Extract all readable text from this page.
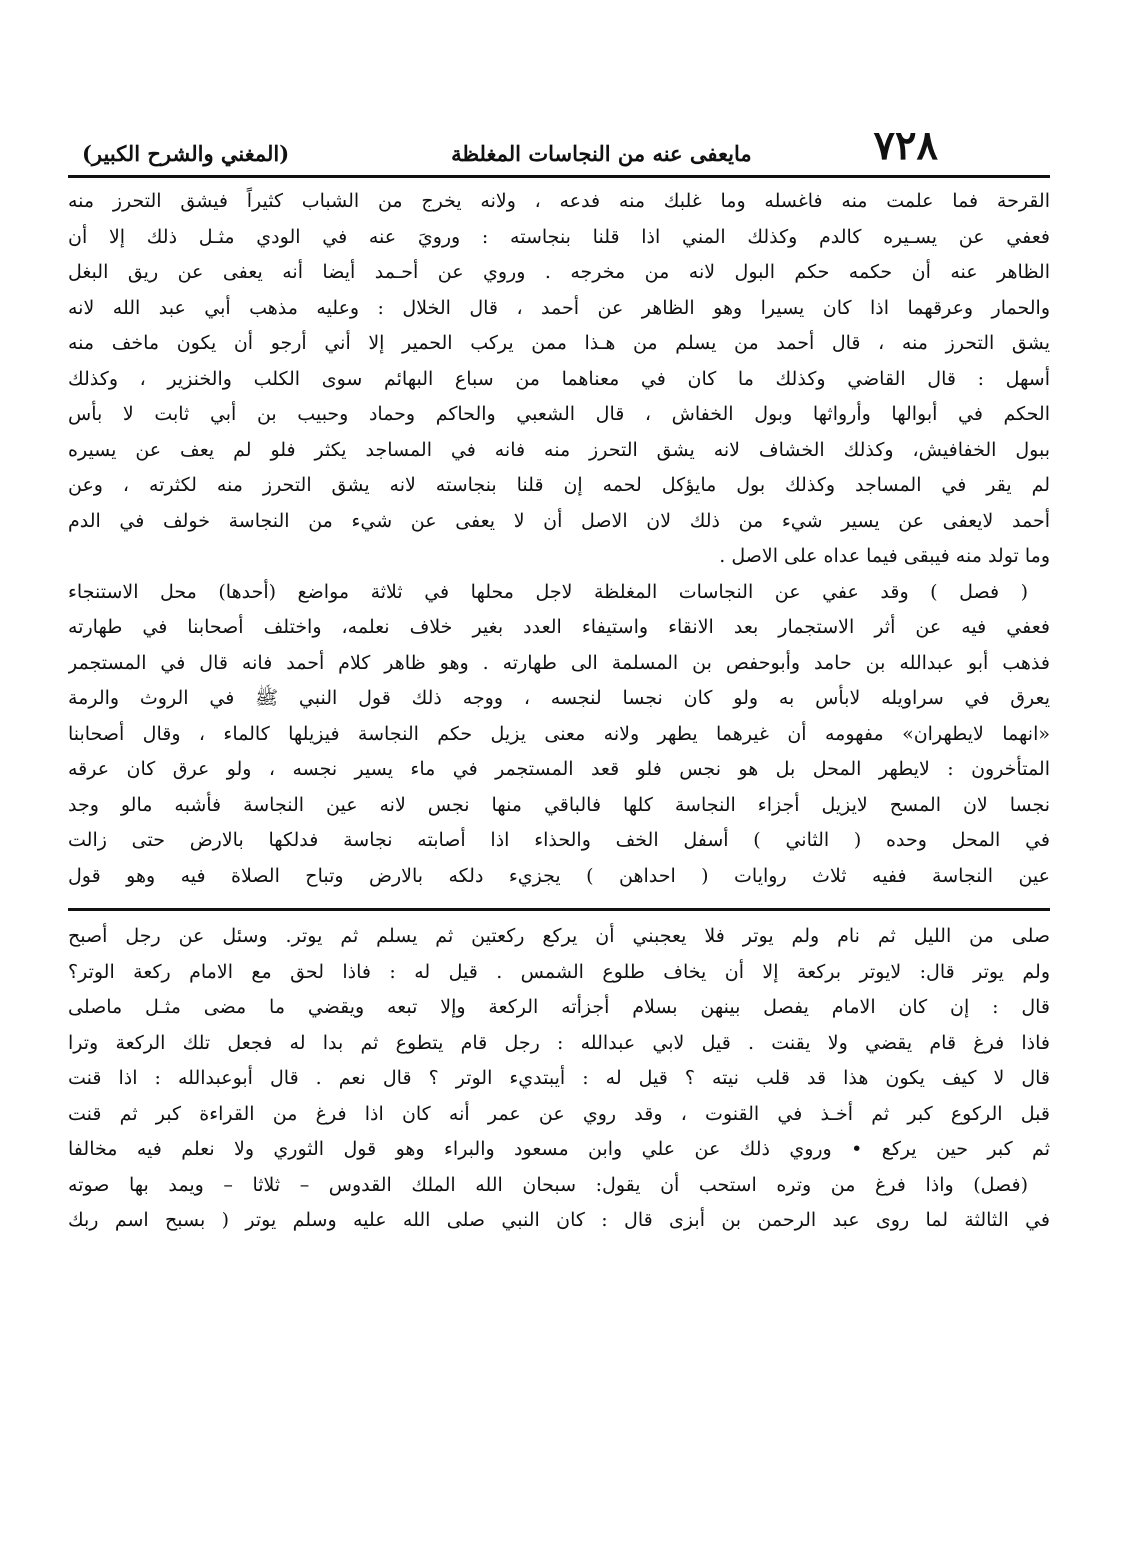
٧٢٨
مايعفى عنه من النجاسات المغلظة
(المغني والشرح الكبير)
القرحة فما علمت منه فاغسله وما غلبك منه فدعه ، ولانه يخرج من الشباب كثيراً فيشق التحرز منه
فعفي عن يسـيره كالدم وكذلك المني اذا قلنا بنجاسته : ورويَ عنه في الودي مثـل ذلك إلا أن
الظاهر عنه أن حكمه حكم البول لانه من مخرجه . وروي عن أحـمد أيضا أنه يعفى عن ريق البغل
والحمار وعرقهما اذا كان يسيرا وهو الظاهر عن أحمد ، قال الخلال : وعليه مذهب أبي عبد الله لانه
يشق التحرز منه ، قال أحمد من يسلم من هـذا ممن يركب الحمير إلا أني أرجو أن يكون ماخف منه
أسهل : قال القاضي وكذلك ما كان في معناهما من سباع البهائم سوى الكلب والخنزير ، وكذلك
الحكم في أبوالها وأرواثها وبول الخفاش ، قال الشعبي والحاكم وحماد وحبيب بن أبي ثابت لا بأس
ببول الخفافيش، وكذلك الخشاف لانه يشق التحرز منه فانه في المساجد يكثر فلو لم يعف عن يسيره
لم يقر في المساجد وكذلك بول مايؤكل لحمه إن قلنا بنجاسته لانه يشق التحرز منه لكثرته ، وعن
أحمد لايعفى عن يسير شيء من ذلك لان الاصل أن لا يعفى عن شيء من النجاسة خولف في الدم
وما تولد منه فيبقى فيما عداه على الاصل .
( فصل ) وقد عفي عن النجاسات المغلظة لاجل محلها في ثلاثة مواضع (أحدها) محل الاستنجاء
فعفي فيه عن أثر الاستجمار بعد الانقاء واستيفاء العدد بغير خلاف نعلمه، واختلف أصحابنا في طهارته
فذهب أبو عبدالله بن حامد وأبوحفص بن المسلمة الى طهارته . وهو ظاهر كلام أحمد فانه قال في المستجمر
يعرق في سراويله لابأس به ولو كان نجسا لنجسه ، ووجه ذلك قول النبي ﷺ في الروث والرمة
«انهما لايطهران» مفهومه أن غيرهما يطهر ولانه معنى يزيل حكم النجاسة فيزيلها كالماء ، وقال أصحابنا
المتأخرون : لايطهر المحل بل هو نجس فلو قعد المستجمر في ماء يسير نجسه ، ولو عرق كان عرقه
نجسا لان المسح لايزيل أجزاء النجاسة كلها فالباقي منها نجس لانه عين النجاسة فأشبه مالو وجد
في المحل وحده ( الثاني ) أسفل الخف والحذاء اذا أصابته نجاسة فدلكها بالارض حتى زالت
عين النجاسة ففيه ثلاث روايات ( احداهن ) يجزيء دلكه بالارض وتباح الصلاة فيه وهو قول
صلى من الليل ثم نام ولم يوتر فلا يعجبني أن يركع ركعتين ثم يسلم ثم يوتر. وسئل عن رجل أصبح
ولم يوتر قال: لايوتر بركعة إلا أن يخاف طلوع الشمس . قيل له : فاذا لحق مع الامام ركعة الوتر؟
قال : إن كان الامام يفصل بينهن بسلام أجزأته الركعة وإلا تبعه ويقضي ما مضى مثـل ماصلى
فاذا فرغ قام يقضي ولا يقنت . قيل لابي عبدالله : رجل قام يتطوع ثم بدا له فجعل تلك الركعة وترا
قال لا كيف يكون هذا قد قلب نيته ؟ قيل له : أيبتديء الوتر ؟ قال نعم . قال أبوعبدالله : اذا قنت
قبل الركوع كبر ثم أخـذ في القنوت ، وقد روي عن عمر أنه كان اذا فرغ من القراءة كبر ثم قنت
ثم كبر حين يركع • وروي ذلك عن علي وابن مسعود والبراء وهو قول الثوري ولا نعلم فيه مخالفا
(فصل) واذا فرغ من وتره استحب أن يقول: سبحان الله الملك القدوس – ثلاثا – ويمد بها صوته
في الثالثة لما روى عبد الرحمن بن أبزى قال : كان النبي صلى الله عليه وسلم يوتر ( بسبح اسم ربك
